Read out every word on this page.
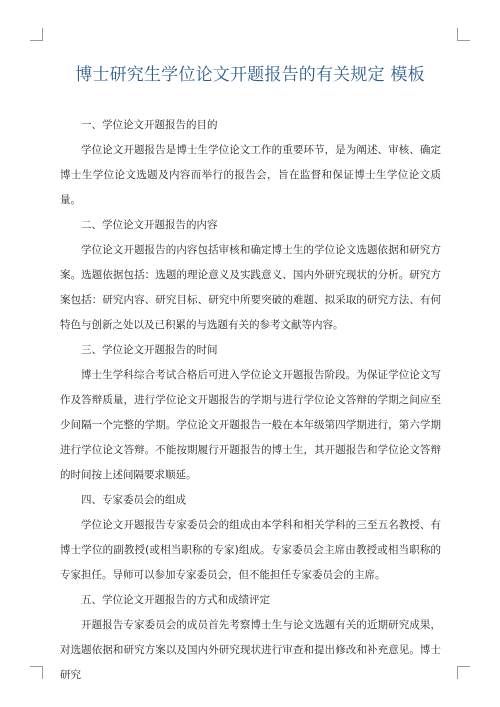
博士研究生学位论文开题报告的有关规定 模板

一、学位论文开题报告的目的

学位论文开题报告是博士生学位论文工作的重要环节，是为阐述、审核、确定博士生学位论文选题及内容而举行的报告会，旨在监督和保证博士生学位论文质量。

二、学位论文开题报告的内容

学位论文开题报告的内容包括审核和确定博士生的学位论文选题依据和研究方案。选题依据包括：选题的理论意义及实践意义、国内外研究现状的分析。研究方案包括：研究内容、研究目标、研究中所要突破的难题、拟采取的研究方法、有何特色与创新之处以及已积累的与选题有关的参考文献等内容。

三、学位论文开题报告的时间

博士生学科综合考试合格后可进入学位论文开题报告阶段。为保证学位论文写作及答辩质量，进行学位论文开题报告的学期与进行学位论文答辩的学期之间应至少间隔一个完整的学期。学位论文开题报告一般在本年级第四学期进行，第六学期进行学位论文答辩。不能按期履行开题报告的博士生，其开题报告和学位论文答辩的时间按上述间隔要求顺延。

四、专家委员会的组成

学位论文开题报告专家委员会的组成由本学科和相关学科的三至五名教授、有博士学位的副教授(或相当职称的专家)组成。专家委员会主席由教授或相当职称的专家担任。导师可以参加专家委员会，但不能担任专家委员会的主席。

五、学位论文开题报告的方式和成绩评定

开题报告专家委员会的成员首先考察博士生与论文选题有关的近期研究成果，对选题依据和研究方案以及国内外研究现状进行审查和提出修改和补充意见。博士研究
